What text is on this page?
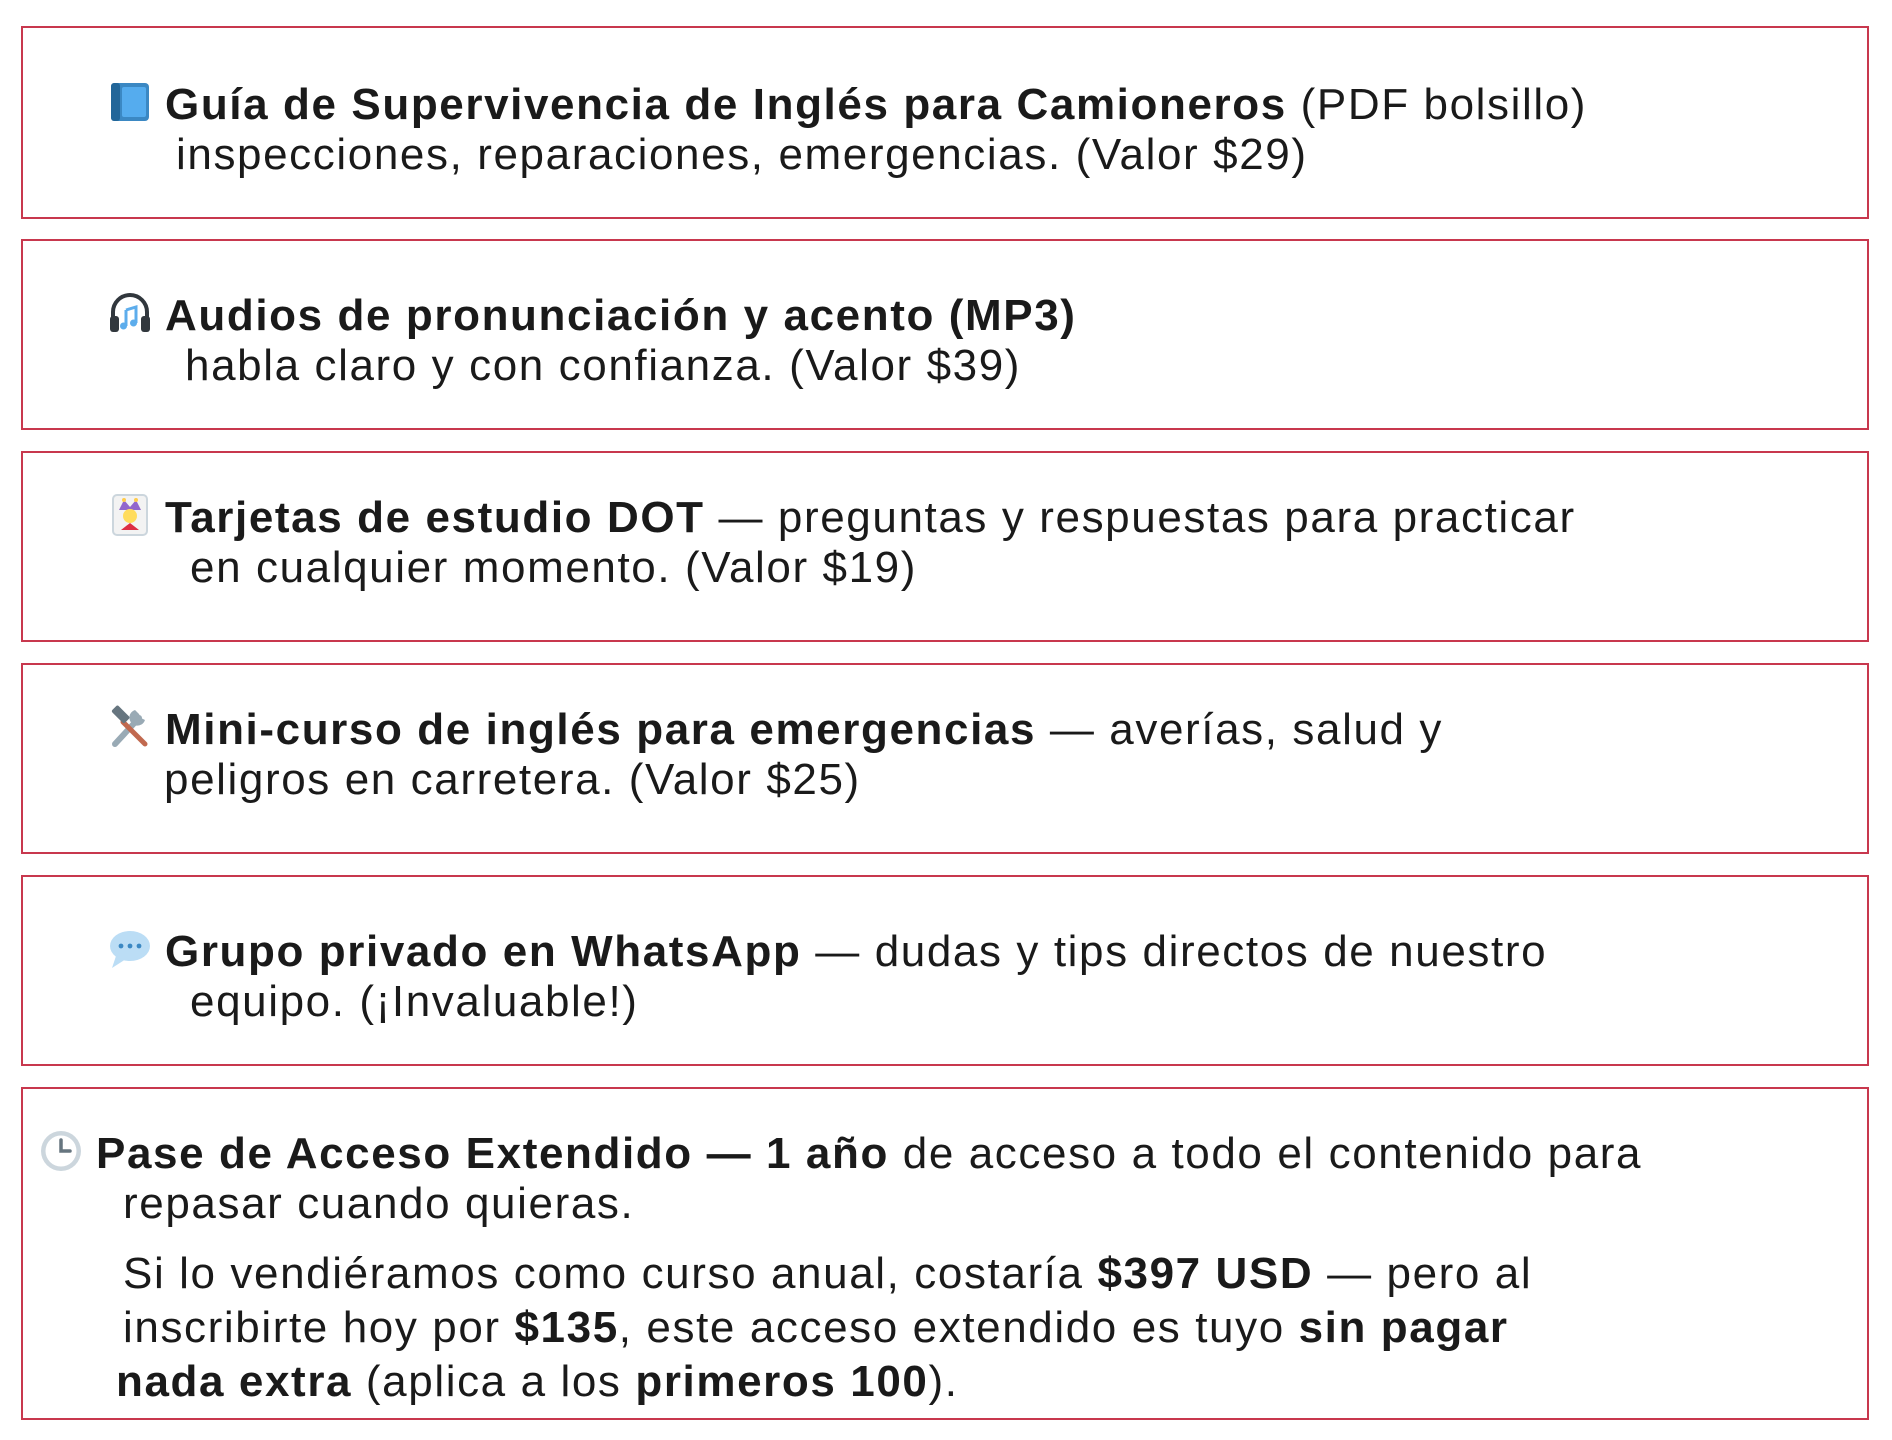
Guía de Supervivencia de Inglés para Camioneros (PDF bolsillo)
inspecciones, reparaciones, emergencias. (Valor $29)
Audios de pronunciación y acento (MP3)
habla claro y con confianza. (Valor $39)
Tarjetas de estudio DOT — preguntas y respuestas para practicar
en cualquier momento. (Valor $19)
Mini-curso de inglés para emergencias — averías, salud y
peligros en carretera. (Valor $25)
Grupo privado en WhatsApp — dudas y tips directos de nuestro
equipo. (¡Invaluable!)
Pase de Acceso Extendido — 1 año de acceso a todo el contenido para
repasar cuando quieras.
Si lo vendiéramos como curso anual, costaría $397 USD — pero al
inscribirte hoy por $135, este acceso extendido es tuyo sin pagar
nada extra (aplica a los primeros 100).
